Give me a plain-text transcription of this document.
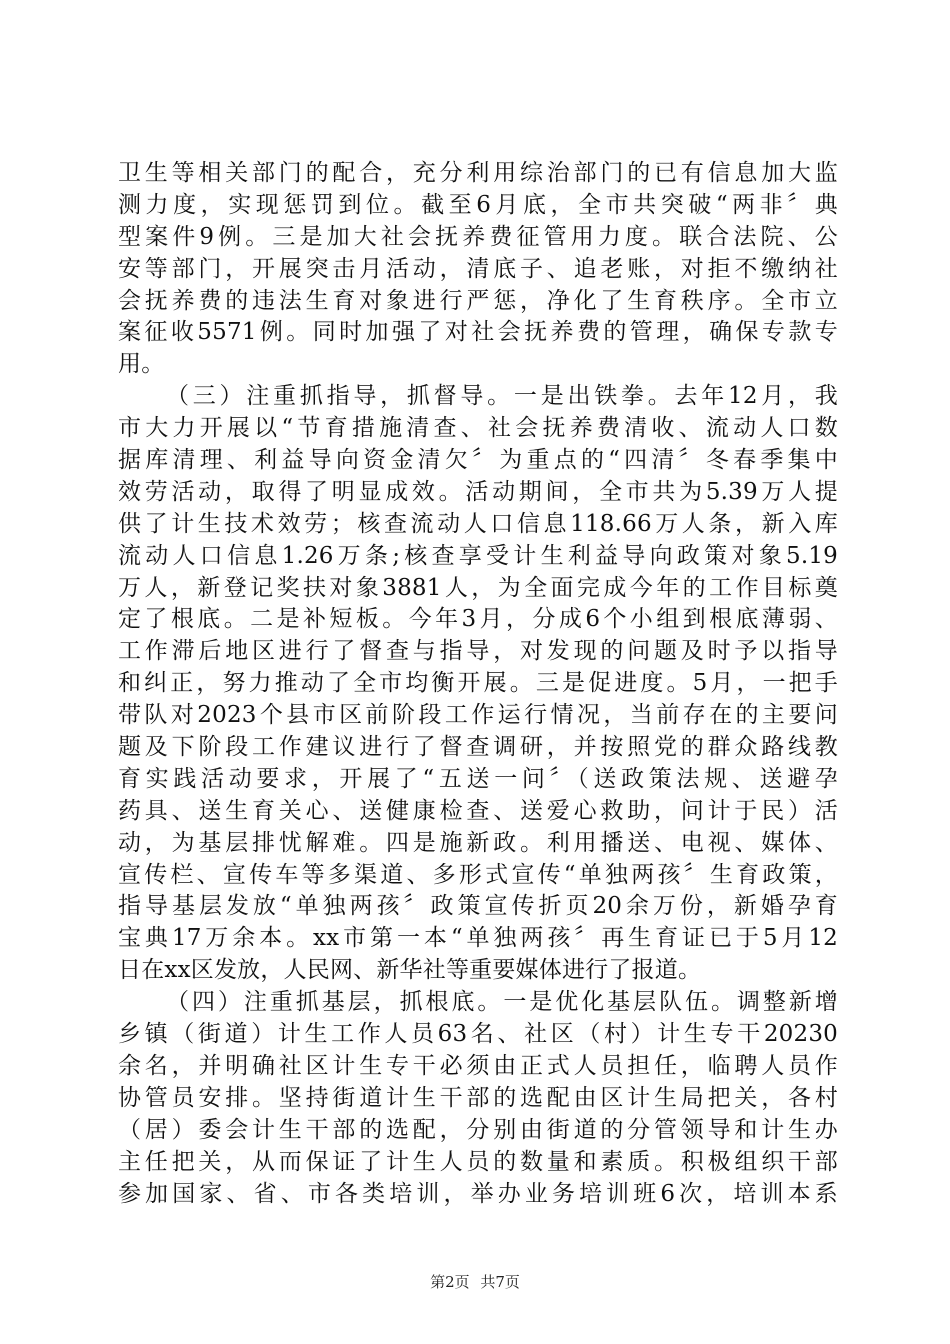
卫生等相关部门的配合，充分利用综治部门的已有信息加大监
测力度，实现惩罚到位。截至6月底，全市共突破“两非〞典
型案件9例。三是加大社会抚养费征管用力度。联合法院、公
安等部门，开展突击月活动，清底子、追老账，对拒不缴纳社
会抚养费的违法生育对象进行严惩，净化了生育秩序。全市立
案征收5571例。同时加强了对社会抚养费的管理，确保专款专
用。
（三）注重抓指导，抓督导。一是出铁拳。去年12月，我
市大力开展以“节育措施清查、社会抚养费清收、流动人口数
据库清理、利益导向资金清欠〞为重点的“四清〞冬春季集中
效劳活动，取得了明显成效。活动期间，全市共为5.39万人提
供了计生技术效劳；核查流动人口信息118.66万人条，新入库
流动人口信息1.26万条;核查享受计生利益导向政策对象5.19
万人，新登记奖扶对象3881人，为全面完成今年的工作目标奠
定了根底。二是补短板。今年3月，分成6个小组到根底薄弱、
工作滞后地区进行了督查与指导，对发现的问题及时予以指导
和纠正，努力推动了全市均衡开展。三是促进度。5月，一把手
带队对2023个县市区前阶段工作运行情况，当前存在的主要问
题及下阶段工作建议进行了督查调研，并按照党的群众路线教
育实践活动要求，开展了“五送一问〞（送政策法规、送避孕
药具、送生育关心、送健康检查、送爱心救助，问计于民）活
动，为基层排忧解难。四是施新政。利用播送、电视、媒体、
宣传栏、宣传车等多渠道、多形式宣传“单独两孩〞生育政策，
指导基层发放“单独两孩〞政策宣传折页20余万份，新婚孕育
宝典17万余本。xx市第一本“单独两孩〞再生育证已于5月12
日在xx区发放，人民网、新华社等重要媒体进行了报道。
（四）注重抓基层，抓根底。一是优化基层队伍。调整新增
乡镇（街道）计生工作人员63名、社区（村）计生专干20230
余名，并明确社区计生专干必须由正式人员担任，临聘人员作
协管员安排。坚持街道计生干部的选配由区计生局把关，各村
（居）委会计生干部的选配，分别由街道的分管领导和计生办
主任把关，从而保证了计生人员的数量和素质。积极组织干部
参加国家、省、市各类培训，举办业务培训班6次，培训本系
第2页 共7页
